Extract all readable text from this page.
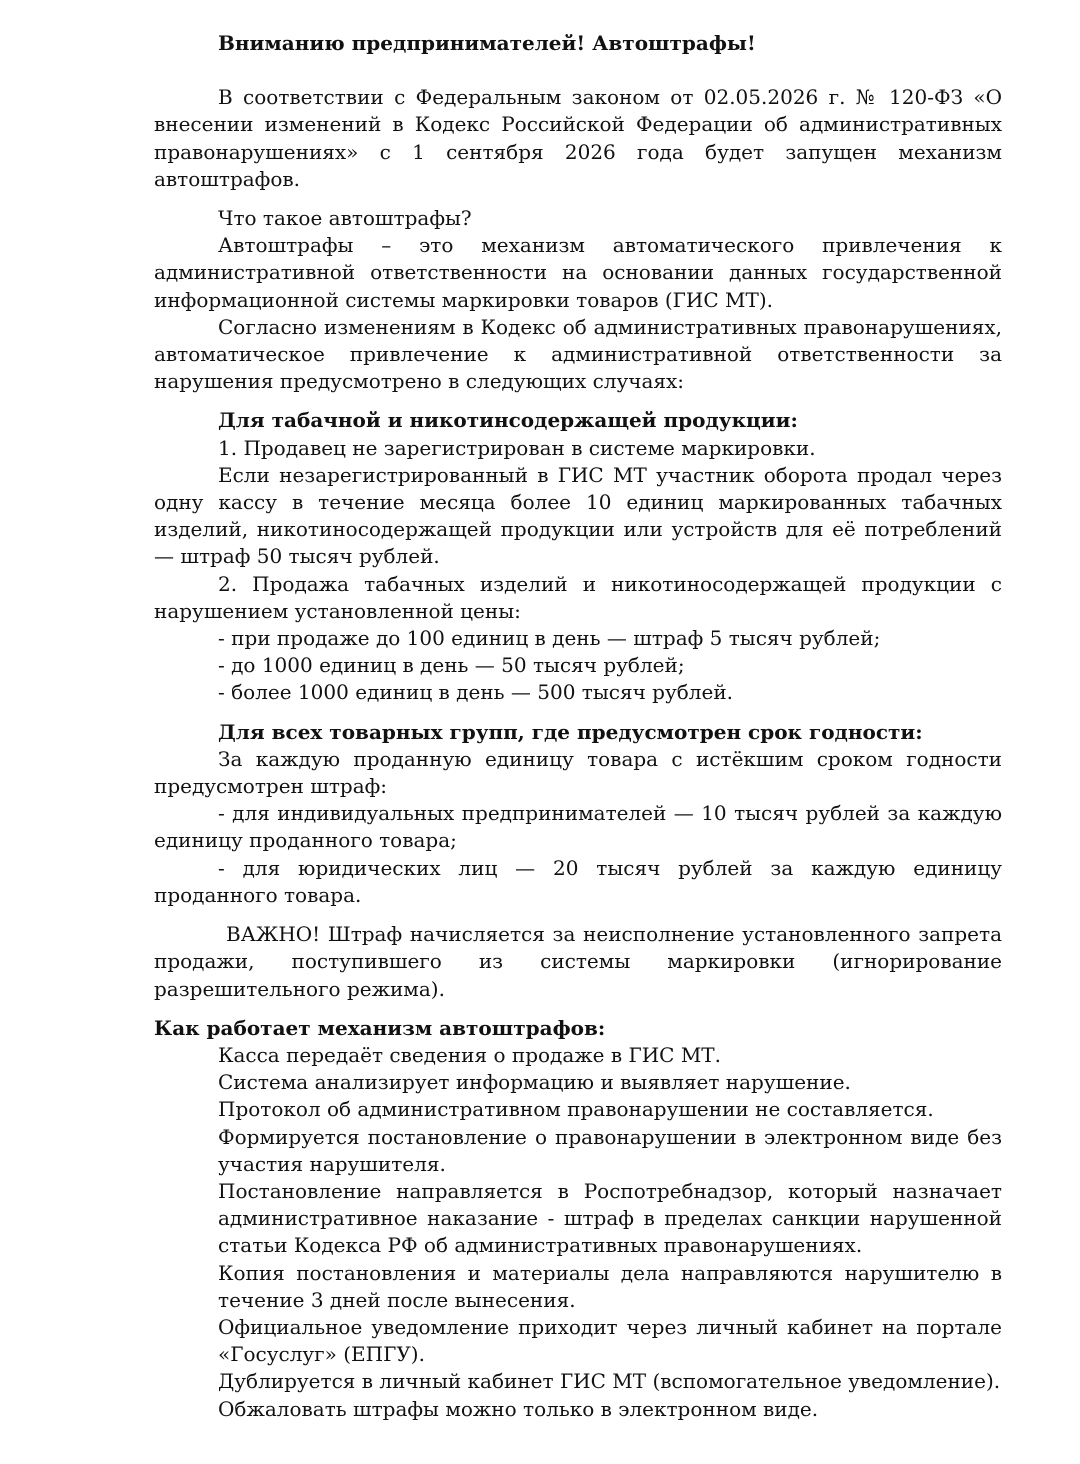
Вниманию предпринимателей! Автоштрафы!

В соответствии с Федеральным законом от 02.05.2026 г. № 120-ФЗ «О внесении изменений в Кодекс Российской Федерации об административных правонарушениях» с 1 сентября 2026 года будет запущен механизм автоштрафов.

Что такое автоштрафы?

Автоштрафы – это механизм автоматического привлечения к административной ответственности на основании данных государственной информационной системы маркировки товаров (ГИС МТ).

Согласно изменениям в Кодекс об административных правонарушениях, автоматическое привлечение к административной ответственности за нарушения предусмотрено в следующих случаях:

Для табачной и никотинсодержащей продукции:

1. Продавец не зарегистрирован в системе маркировки.

Если незарегистрированный в ГИС МТ участник оборота продал через одну кассу в течение месяца более 10 единиц маркированных табачных изделий, никотиносодержащей продукции или устройств для её потреблений — штраф 50 тысяч рублей.

2. Продажа табачных изделий и никотиносодержащей продукции с нарушением установленной цены:

- при продаже до 100 единиц в день — штраф 5 тысяч рублей;

- до 1000 единиц в день — 50 тысяч рублей;

- более 1000 единиц в день — 500 тысяч рублей.

Для всех товарных групп, где предусмотрен срок годности:

За каждую проданную единицу товара с истёкшим сроком годности предусмотрен штраф:

- для индивидуальных предпринимателей — 10 тысяч рублей за каждую единицу проданного товара;

- для юридических лиц — 20 тысяч рублей за каждую единицу проданного товара.

ВАЖНО! Штраф начисляется за неисполнение установленного запрета продажи, поступившего из системы маркировки (игнорирование разрешительного режима).

Как работает механизм автоштрафов:

Касса передаёт сведения о продаже в ГИС МТ.

Система анализирует информацию и выявляет нарушение.

Протокол об административном правонарушении не составляется.

Формируется постановление о правонарушении в электронном виде без участия нарушителя.

Постановление направляется в Роспотребнадзор, который назначает административное наказание - штраф в пределах санкции нарушенной статьи Кодекса РФ об административных правонарушениях.

Копия постановления и материалы дела направляются нарушителю в течение 3 дней после вынесения.

Официальное уведомление приходит через личный кабинет на портале «Госуслуг» (ЕПГУ).

Дублируется в личный кабинет ГИС МТ (вспомогательное уведомление).

Обжаловать штрафы можно только в электронном виде.
